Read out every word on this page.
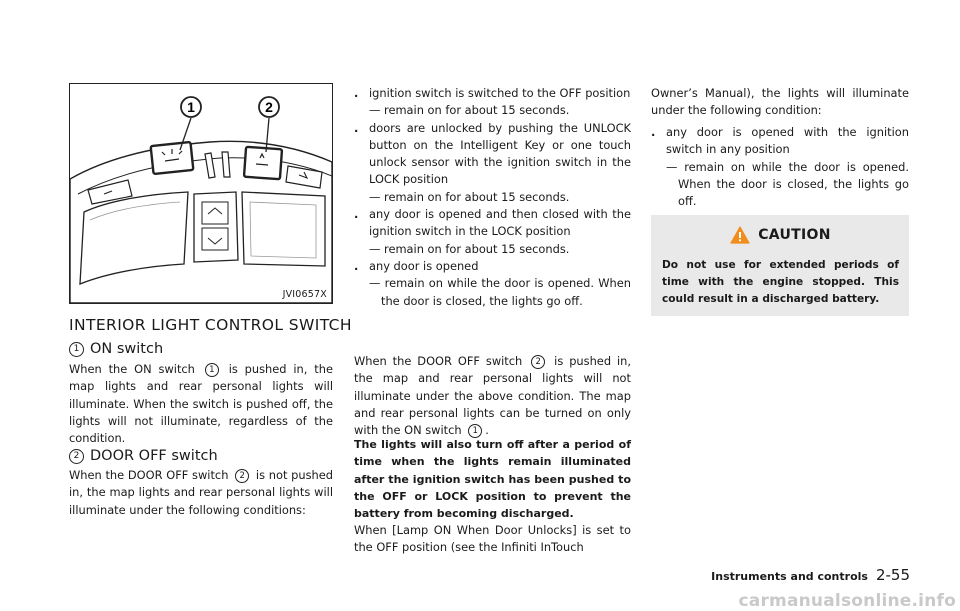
1	2
JVI0657X
INTERIOR LIGHT CONTROL SWITCH
1 ON switch

When the ON switch 1 is pushed in, the map lights and rear personal lights will illuminate. When the switch is pushed off, the lights will not illuminate, regardless of the condition.

2 DOOR OFF switch

When the DOOR OFF switch 2 is not pushed in, the map lights and rear personal lights will illuminate under the following conditions:

. ignition switch is switched to the OFF position
— remain on for about 15 seconds.
. doors are unlocked by pushing the UNLOCK button on the Intelligent Key or one touch unlock sensor with the ignition switch in the LOCK position
— remain on for about 15 seconds.
. any door is opened and then closed with the ignition switch in the LOCK position
— remain on for about 15 seconds.
. any door is opened
— remain on while the door is opened. When the door is closed, the lights go off.

When the DOOR OFF switch 2 is pushed in, the map and rear personal lights will not illuminate under the above condition. The map and rear personal lights can be turned on only with the ON switch 1 .

The lights will also turn off after a period of time when the lights remain illuminated after the ignition switch has been pushed to the OFF or LOCK position to prevent the battery from becoming discharged.

When [Lamp ON When Door Unlocks] is set to the OFF position (see the Infiniti InTouch

Owner’s Manual), the lights will illuminate under the following condition:

. any door is opened with the ignition switch in any position
— remain on while the door is opened. When the door is closed, the lights go off.
CAUTION

Do not use for extended periods of time with the engine stopped. This could result in a discharged battery.

Instruments and controls 2-55
carmanualsonline.info
